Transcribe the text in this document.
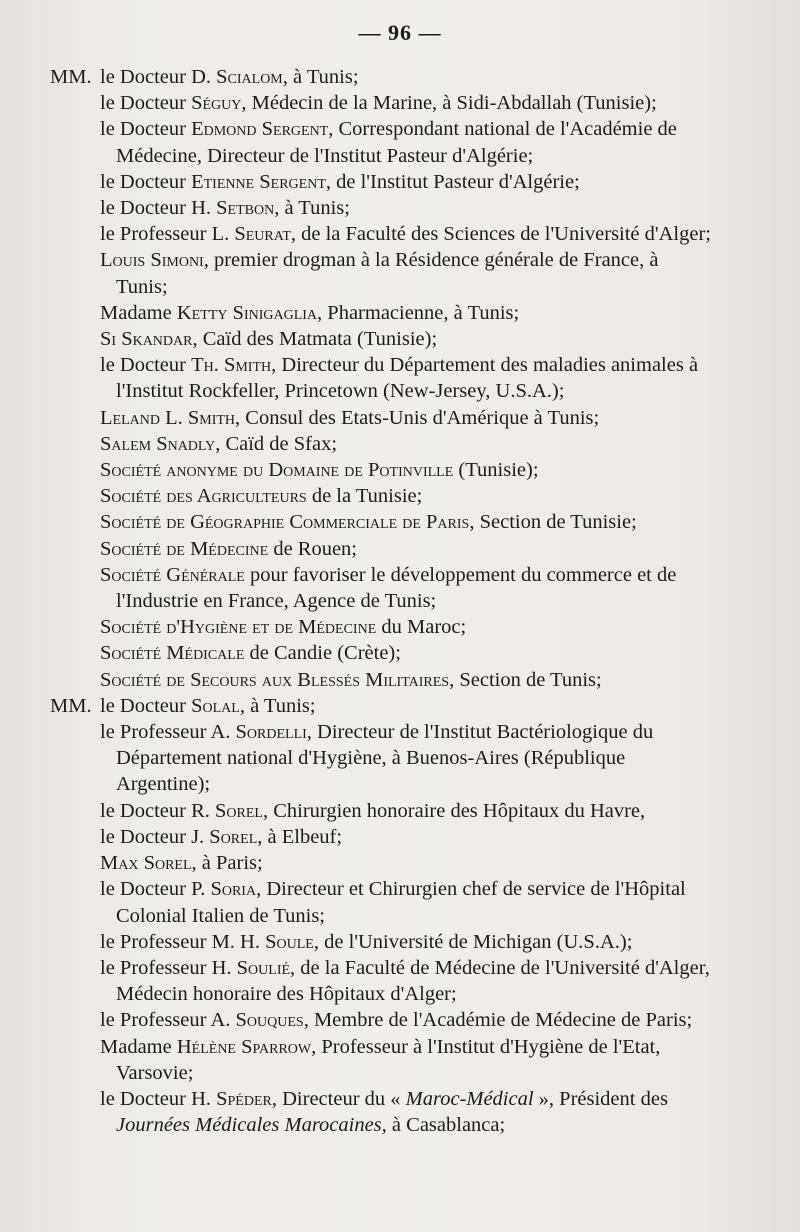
— 96 —
MM. le Docteur D. Scialom, à Tunis;
le Docteur Séguy, Médecin de la Marine, à Sidi-Abdallah (Tunisie);
le Docteur Edmond Sergent, Correspondant national de l'Académie de Médecine, Directeur de l'Institut Pasteur d'Algérie;
le Docteur Etienne Sergent, de l'Institut Pasteur d'Algérie;
le Docteur H. Setbon, à Tunis;
le Professeur L. Seurat, de la Faculté des Sciences de l'Université d'Alger;
Louis Simoni, premier drogman à la Résidence générale de France, à Tunis;
Madame Ketty Sinigaglia, Pharmacienne, à Tunis;
Si Skandar, Caïd des Matmata (Tunisie);
le Docteur Th. Smith, Directeur du Département des maladies animales à l'Institut Rockfeller, Princetown (New-Jersey, U.S.A.);
Leland L. Smith, Consul des Etats-Unis d'Amérique à Tunis;
Salem Snadly, Caïd de Sfax;
Société anonyme du Domaine de Potinville (Tunisie);
Société des Agriculteurs de la Tunisie;
Société de Géographie Commerciale de Paris, Section de Tunisie;
Société de Médecine de Rouen;
Société Générale pour favoriser le développement du commerce et de l'Industrie en France, Agence de Tunis;
Société d'Hygiène et de Médecine du Maroc;
Société Médicale de Candie (Crète);
Société de Secours aux Blessés Militaires, Section de Tunis;
MM. le Docteur Solal, à Tunis;
le Professeur A. Sordelli, Directeur de l'Institut Bactériologique du Département national d'Hygiène, à Buenos-Aires (République Argentine);
le Docteur R. Sorel, Chirurgien honoraire des Hôpitaux du Havre,
le Docteur J. Sorel, à Elbeuf;
Max Sorel, à Paris;
le Docteur P. Soria, Directeur et Chirurgien chef de service de l'Hôpital Colonial Italien de Tunis;
le Professeur M. H. Soule, de l'Université de Michigan (U.S.A.);
le Professeur H. Soulié, de la Faculté de Médecine de l'Université d'Alger, Médecin honoraire des Hôpitaux d'Alger;
le Professeur A. Souques, Membre de l'Académie de Médecine de Paris;
Madame Hélène Sparrow, Professeur à l'Institut d'Hygiène de l'Etat, Varsovie;
le Docteur H. Spéder, Directeur du « Maroc-Médical », Président des Journées Médicales Marocaines, à Casablanca;
